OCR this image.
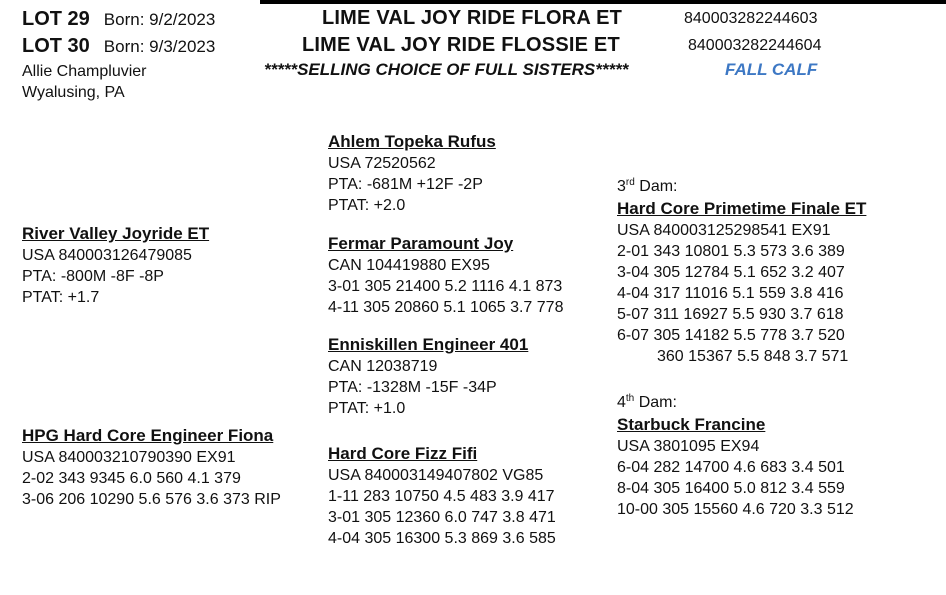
LOT 29 Born: 9/2/2023	LIME VAL JOY RIDE FLORA ET	840003282244603
LOT 30 Born: 9/3/2023	LIME VAL JOY RIDE FLOSSIE ET	840003282244604
Allie Champluvier
Wyalusing, PA
*****SELLING CHOICE OF FULL SISTERS*****	FALL CALF
River Valley Joyride ET
USA 840003126479085
PTA: -800M -8F -8P
PTAT: +1.7
HPG Hard Core Engineer Fiona
USA 840003210790390 EX91
2-02 343 9345 6.0 560 4.1 379
3-06 206 10290 5.6 576 3.6 373 RIP
Ahlem Topeka Rufus
USA 72520562
PTA: -681M +12F -2P
PTAT: +2.0
Fermar Paramount Joy
CAN 104419880 EX95
3-01 305 21400 5.2 1116 4.1 873
4-11 305 20860 5.1 1065 3.7 778
Enniskillen Engineer 401
CAN 12038719
PTA: -1328M -15F -34P
PTAT: +1.0
Hard Core Fizz Fifi
USA 840003149407802 VG85
1-11 283 10750 4.5 483 3.9 417
3-01 305 12360 6.0 747 3.8 471
4-04 305 16300 5.3 869 3.6 585
3rd Dam:
Hard Core Primetime Finale ET
USA 840003125298541 EX91
2-01 343 10801 5.3 573 3.6 389
3-04 305 12784 5.1 652 3.2 407
4-04 317 11016 5.1 559 3.8 416
5-07 311 16927 5.5 930 3.7 618
6-07 305 14182 5.5 778 3.7 520
360 15367 5.5 848 3.7 571
4th Dam:
Starbuck Francine
USA 3801095 EX94
6-04 282 14700 4.6 683 3.4 501
8-04 305 16400 5.0 812 3.4 559
10-00 305 15560 4.6 720 3.3 512
